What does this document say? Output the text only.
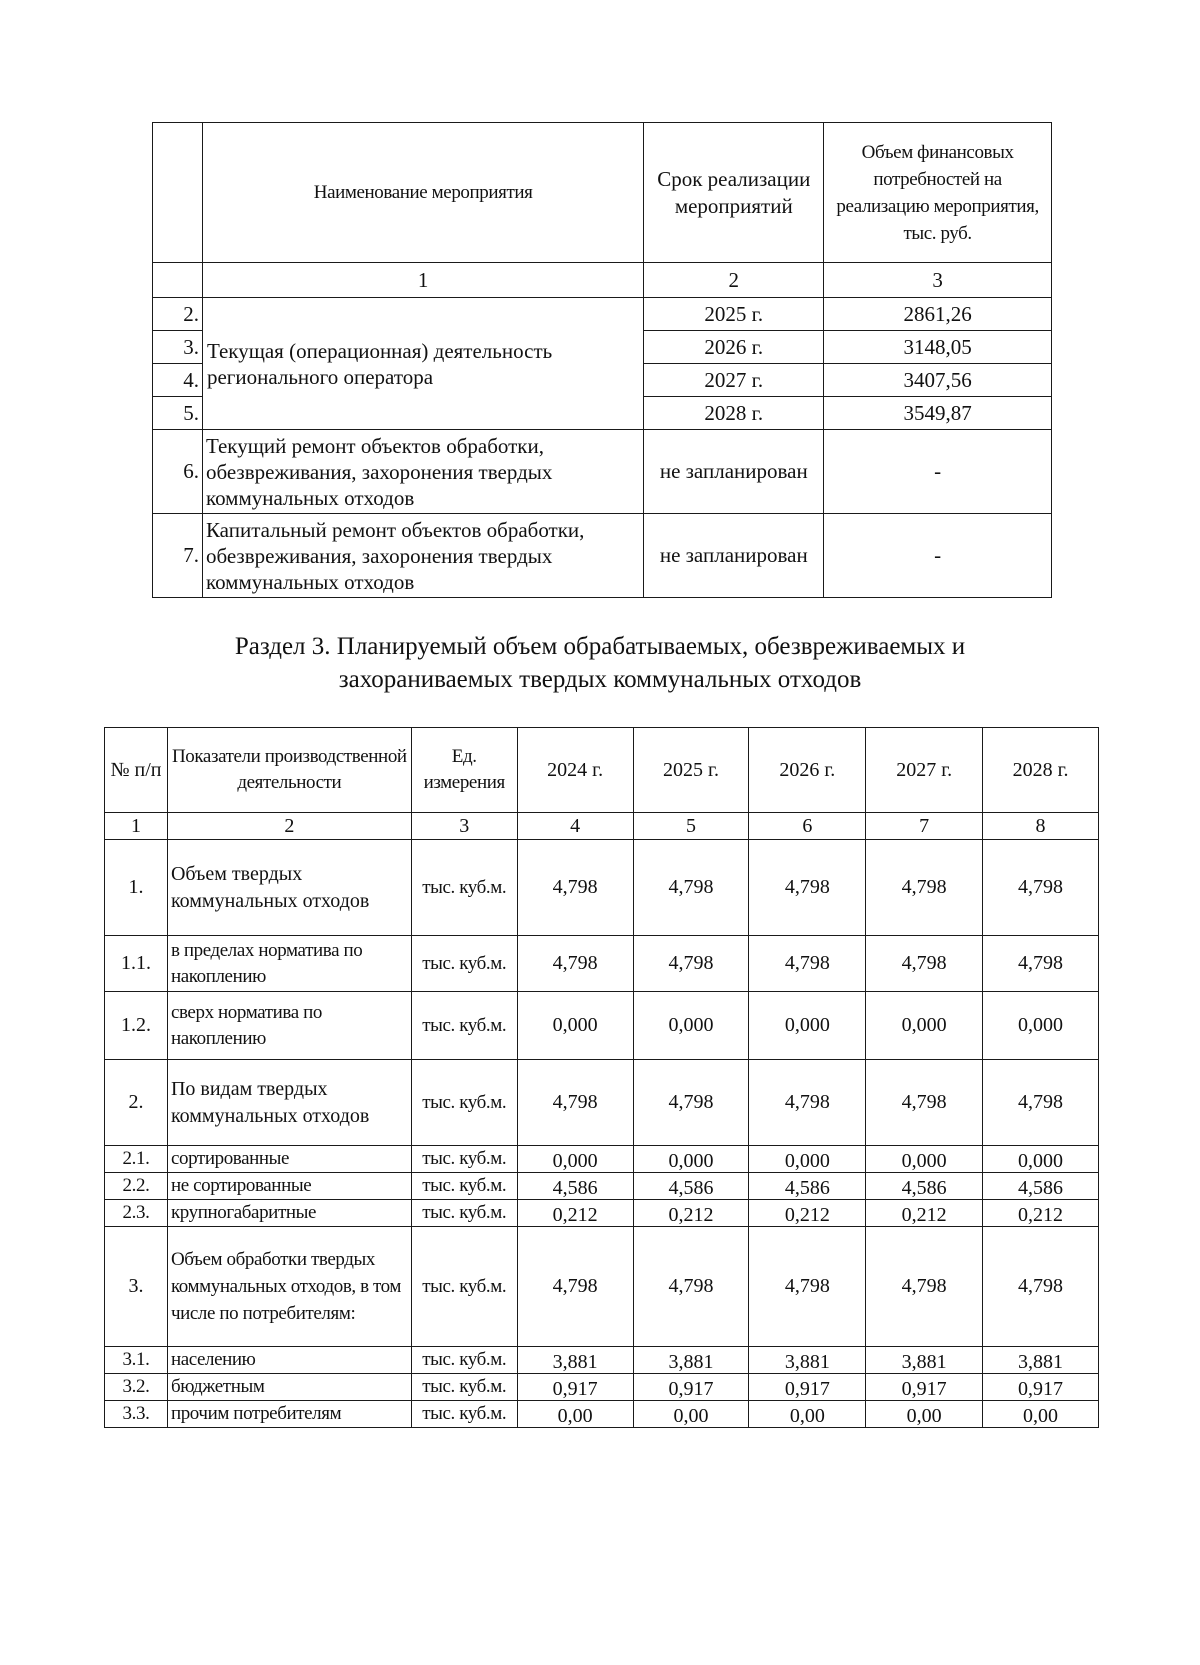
	Наименование мероприятия	Срок реализации мероприятий	Объем финансовых потребностей на реализацию мероприятия, тыс. руб.
	1	2	3
2.	Текущая (операционная) деятельность регионального оператора	2025 г.	2861,26
3.		2026 г.	3148,05
4.		2027 г.	3407,56
5.		2028 г.	3549,87
6.	Текущий ремонт объектов обработки, обезвреживания, захоронения твердых коммунальных отходов	не запланирован	-
7.	Капитальный ремонт объектов обработки, обезвреживания, захоронения твердых коммунальных отходов	не запланирован	-
Раздел 3. Планируемый объем обрабатываемых, обезвреживаемых и
захораниваемых твердых коммунальных отходов
№ п/п	Показатели производственной деятельности	Ед. измерения	2024 г.	2025 г.	2026 г.	2027 г.	2028 г.
1	2	3	4	5	6	7	8
1.	Объем твердых коммунальных отходов	тыс. куб.м.	4,798	4,798	4,798	4,798	4,798
1.1.	в пределах норматива по накоплению	тыс. куб.м.	4,798	4,798	4,798	4,798	4,798
1.2.	сверх норматива по накоплению	тыс. куб.м.	0,000	0,000	0,000	0,000	0,000
2.	По видам твердых коммунальных отходов	тыс. куб.м.	4,798	4,798	4,798	4,798	4,798
2.1.	сортированные	тыс. куб.м.	0,000	0,000	0,000	0,000	0,000
2.2.	не сортированные	тыс. куб.м.	4,586	4,586	4,586	4,586	4,586
2.3.	крупногабаритные	тыс. куб.м.	0,212	0,212	0,212	0,212	0,212
3.	Объем обработки твердых коммунальных отходов, в том числе по потребителям:	тыс. куб.м.	4,798	4,798	4,798	4,798	4,798
3.1.	населению	тыс. куб.м.	3,881	3,881	3,881	3,881	3,881
3.2.	бюджетным	тыс. куб.м.	0,917	0,917	0,917	0,917	0,917
3.3.	прочим потребителям	тыс. куб.м.	0,00	0,00	0,00	0,00	0,00
